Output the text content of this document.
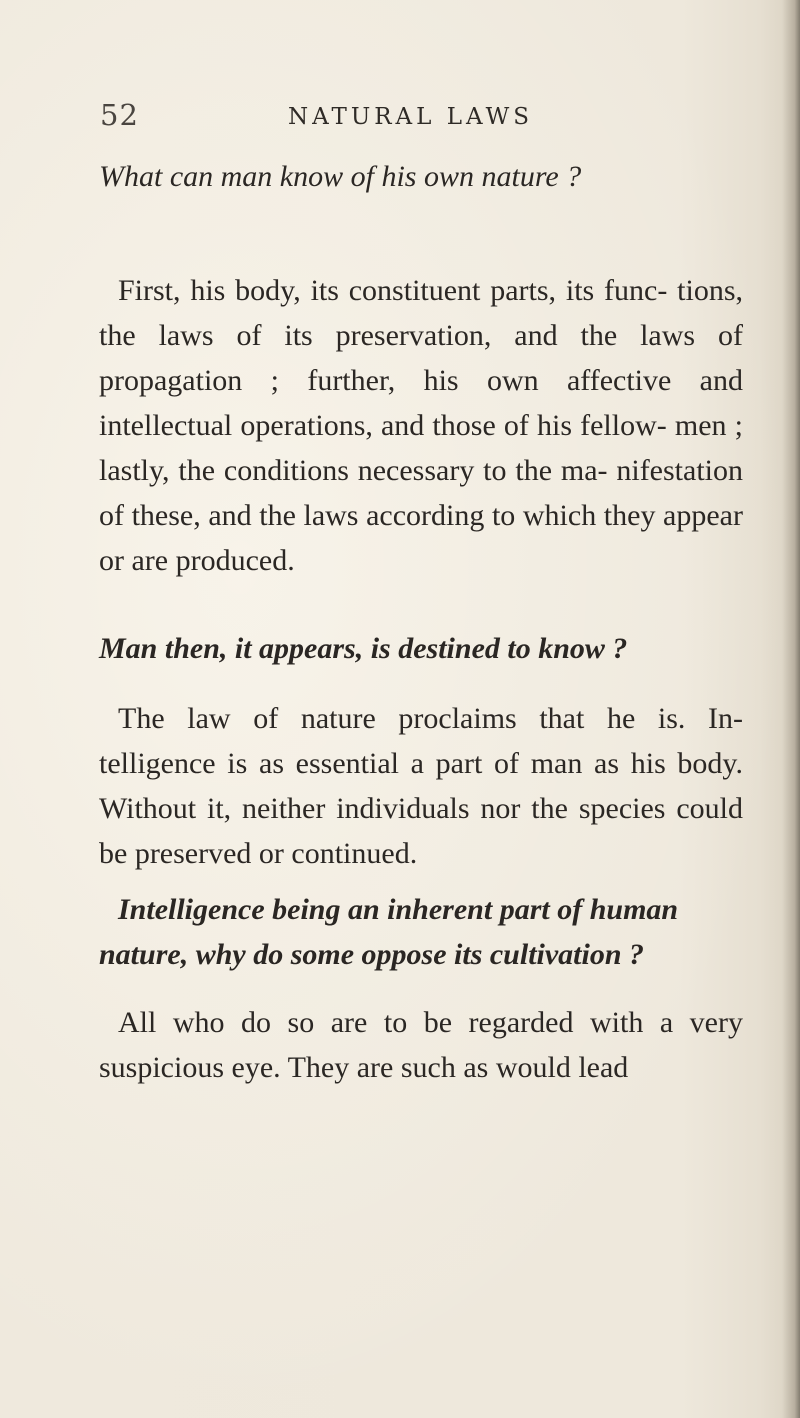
52	NATURAL LAWS

What can man know of his own nature ?

First, his body, its constituent parts, its func- tions, the laws of its preservation, and the laws of propagation ; further, his own affective and intellectual operations, and those of his fellow- men ; lastly, the conditions necessary to the ma- nifestation of these, and the laws according to which they appear or are produced.

Man then, it appears, is destined to know ?

The law of nature proclaims that he is. In- telligence is as essential a part of man as his body. Without it, neither individuals nor the species could be preserved or continued.

Intelligence being an inherent part of human nature, why do some oppose its cultivation ?

All who do so are to be regarded with a very suspicious eye. They are such as would lead
